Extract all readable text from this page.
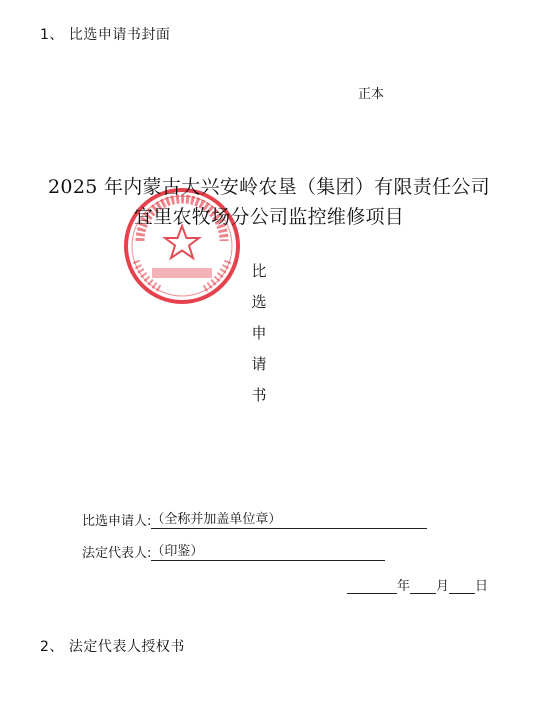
1、 比选申请书封面
正本
2025 年内蒙古大兴安岭农垦（集团）有限责任公司
宜里农牧场分公司监控维修项目
比
选
申
请
书
比选申请人: （全称并加盖单位章）
法定代表人: （印鉴）
年 月 日
2、 法定代表人授权书
